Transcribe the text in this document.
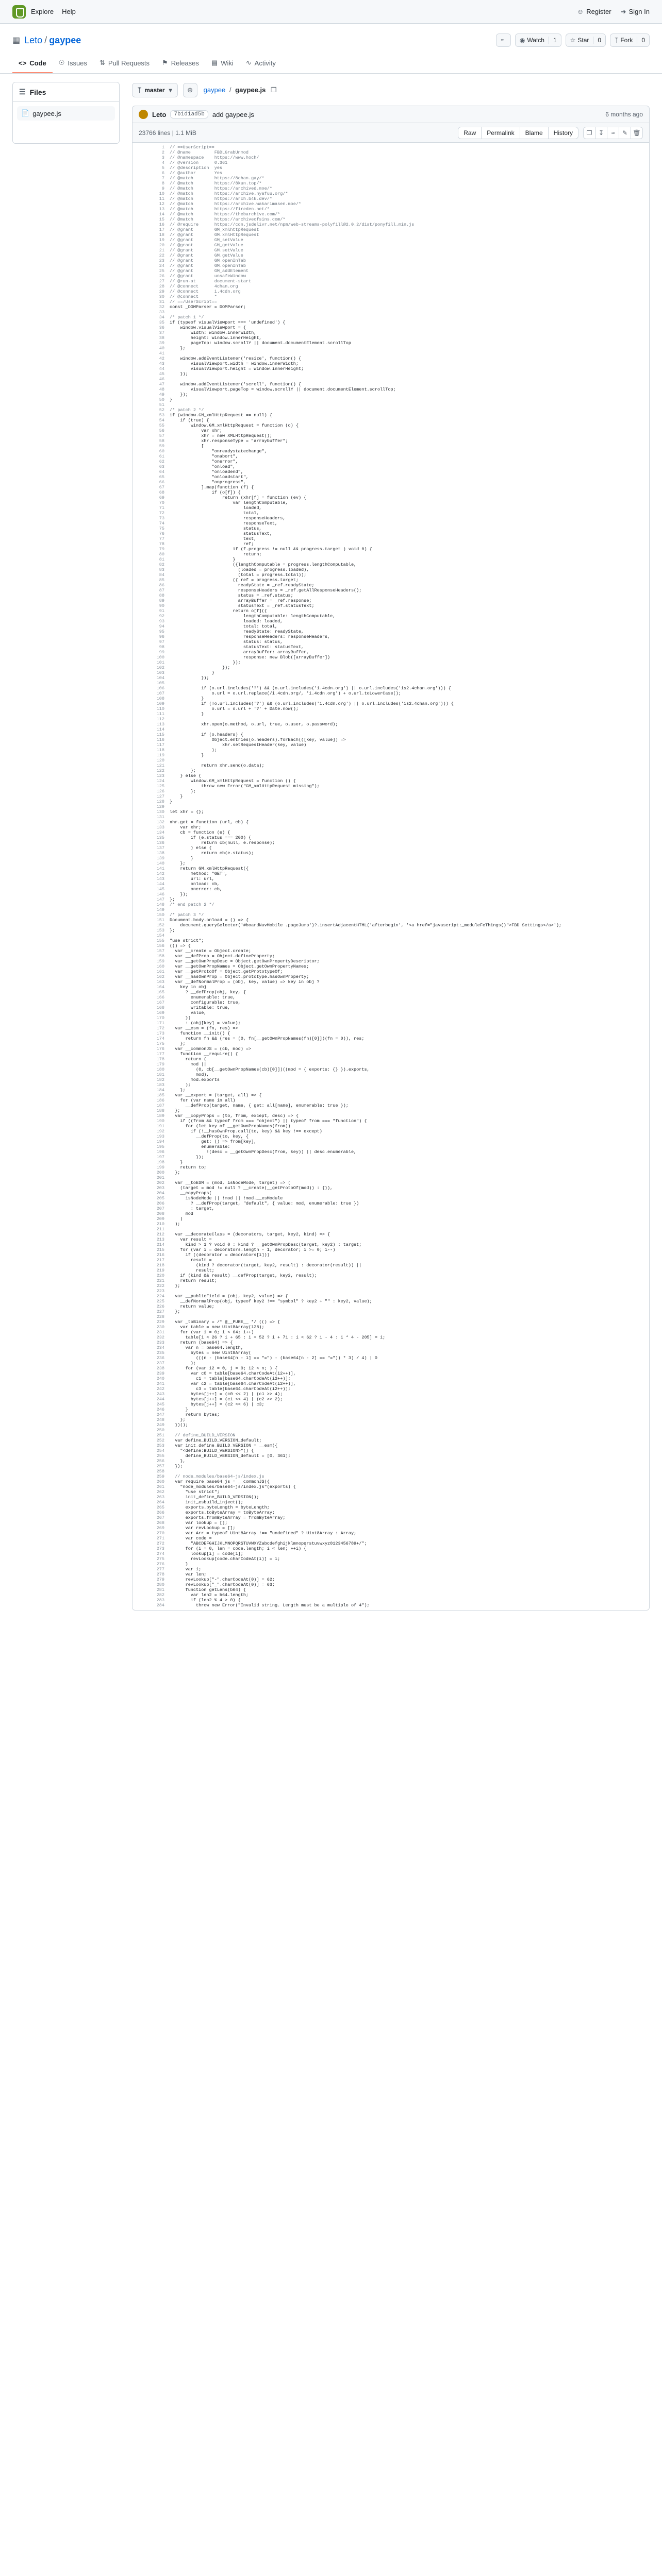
Explore Help	☺ Register ➜ Sign In
▦ Leto / gaypee	≈	◉ Watch	1 ☆ Star	0 ᛉ Fork	0
<> Code ☉ Issues ⇅ Pull Requests ⚑ Releases ▤ Wiki ∿ Activity
☰ Files
📄 gaypee.js
ᛉ master ▾ ⊕ gaypee / gaypee.js ❐
Leto	7b1d1ad5b	add gaypee.js	6 months ago
23766 lines | 1.1 MiB	Raw	Permalink	Blame	History	❐	↧	≈	✎ 🗑
1	// ==UserScript==
2	// @name         FBDLGrabUnmod
3	// @namespace    https://www.hoch/
4	// @version      0.361
5	// @description  yes
6	// @author       Yes
7	// @match        https://8chan.gay/*
8	// @match        https://8kun.top/*
9	// @match        https://archived.moe/*
10	// @match        https://archive.nyafuu.org/*
11	// @match        https://arch.b4k.dev/*
12	// @match        https://archive.wakarimasen.moe/*
13	// @match        https://fireden.net/*
14	// @match        https://thebarchive.com/*
15	// @match        https://archiveofsins.com/*
16	// @require      https://cdn.jsdelivr.net/npm/web-streams-polyfill@2.0.2/dist/ponyfill.min.js
17	// @grant        GM_xmlhttpRequest
18	// @grant        GM.xmlHttpRequest
19	// @grant        GM_setValue
20	// @grant        GM_getValue
21	// @grant        GM.setValue
22	// @grant        GM.getValue
23	// @grant        GM_openInTab
24	// @grant        GM.openInTab
25	// @grant        GM_addElement
26	// @grant        unsafeWindow
27	// @run-at       document-start
28	// @connect      4chan.org
29	// @connect      i.4cdn.org
30	// @connect      *
31	// ==/UserScript==
32	const _DOMParser = DOMParser;
33
34	/* patch 1 */
35	if (typeof visualViewport === 'undefined') {
36	window.visualViewport = {
37	width: window.innerWidth,
38	height: window.innerHeight,
39	pageTop: window.scrollY || document.documentElement.scrollTop
40	};
41
42	window.addEventListener('resize', function() {
43	visualViewport.width = window.innerWidth;
44	visualViewport.height = window.innerHeight;
45	});
46
47	window.addEventListener('scroll', function() {
48	visualViewport.pageTop = window.scrollY || document.documentElement.scrollTop;
49	});
50	}
51
52	/* patch 2 */
53	if (window.GM_xmlHttpRequest == null) {
54	if (true) {
55	window.GM_xmlHttpRequest = function (o) {
56	var xhr;
57	xhr = new XMLHttpRequest();
58	xhr.responseType = "arraybuffer";
59	[
60	"onreadystatechange",
61	"onabort",
62	"onerror",
63	"onload",
64	"onloadend",
65	"onloadstart",
66	"onprogress",
67	].map(function (f) {
68	if (o[f]) {
69	return (xhr[f] = function (ev) {
70	var lengthComputable,
71	loaded,
72	total,
73	responseHeaders,
74	responseText,
75	status,
76	statusText,
77	text,
78	ref;
79	if (f.progress != null && progress.target ) void 0) {
80	return;
81	}
82	({lengthComputable = progress.lengthComputable,
83	(loaded = progress.loaded),
84	(total = progress.total));
85	({ ref = progress.target;
86	readyState = _ref.readyState;
87	responseHeaders = _ref.getAllResponseHeaders();
88	status = _ref.status;
89	arrayBuffer = _ref.response;
90	statusText = _ref.statusText;
91	return o[f]({
92	lengthComputable: lengthComputable,
93	loaded: loaded,
94	total: total,
95	readyState: readyState,
96	responseHeaders: responseHeaders,
97	status: status,
98	statusText: statusText,
99	arrayBuffer: arrayBuffer,
100	response: new Blob([arrayBuffer])
101	});
102	});
103	}
104	});
105
106	if (o.url.includes('?') && (o.url.includes('i.4cdn.org') || o.url.includes('is2.4chan.org'))) {
107	o.url = o.url.replace(/i.4cdn.org/, 'i.4cdn.org') + o.url.toLowerCase();
108	}
109	if (!o.url.includes('?') && (o.url.includes('i.4cdn.org') || o.url.includes('is2.4chan.org'))) {
110	o.url = o.url + '?' + Date.now();
111	}
112
113	xhr.open(o.method, o.url, true, o.user, o.password);
114
115	if (o.headers) {
116	Object.entries(o.headers).forEach(([key, value]) =>
117	xhr.setRequestHeader(key, value)
118	);
119	}
120
121	return xhr.send(o.data);
122	};
123	} else {
124	window.GM_xmlHttpRequest = function () {
125	throw new Error("GM_xmlHttpRequest missing");
126	};
127	}
128	}
129
130	let xhr = {};
131
132	xhr.get = function (url, cb) {
133	var xhr;
134	cb = function (e) {
135	if (e.status === 200) {
136	return cb(null, e.response);
137	} else {
138	return cb(e.status);
139	}
140	};
141	return GM_xmlHttpRequest({
142	method: "GET",
143	url: url,
144	onload: cb,
145	onerror: cb,
146	});
147	};
148	/* end patch 2 */
149
150	/* patch 3 */
151	Document.body.onload = () => {
152	document.querySelector('#boardNavMobile .pageJump')?.insertAdjacentHTML('afterbegin', '<a href="javascript:_moduleFeThings()">FBD Settings</a>');
153	};
154
155	"use strict";
156	(() => {
157	var __create = Object.create;
158	var __defProp = Object.defineProperty;
159	var __getOwnPropDesc = Object.getOwnPropertyDescriptor;
160	var __getOwnPropNames = Object.getOwnPropertyNames;
161	var __getProtoOf = Object.getPrototypeOf;
162	var __hasOwnProp = Object.prototype.hasOwnProperty;
163	var __defNormalProp = (obj, key, value) => key in obj ?
164	key in obj
165	? __defProp(obj, key, {
166	enumerable: true,
167	configurable: true,
168	writable: true,
169	value,
170	})
171	: (obj[key] = value);
172	var __esm = (fn, res) =>
173	function __init() {
174	return fn && (res = (0, fn[__getOwnPropNames(fn)[0]])(fn = 0)), res;
175	};
176	var __commonJS = (cb, mod) =>
177	function __require() {
178	return (
179	mod ||
180	(0, cb[__getOwnPropNames(cb)[0]])((mod = { exports: {} }).exports,
181	mod),
182	mod.exports
183	);
184	};
185	var __export = (target, all) => {
186	for (var name in all)
187	__defProp(target, name, { get: all[name], enumerable: true });
188	};
189	var __copyProps = (to, from, except, desc) => {
190	if ((from && typeof from === "object") || typeof from === "function") {
191	for (let key of __getOwnPropNames(from))
192	if (!__hasOwnProp.call(to, key) && key !== except)
193	__defProp(to, key, {
194	get: () => from[key],
195	enumerable:
196	!(desc = __getOwnPropDesc(from, key)) || desc.enumerable,
197	});
198	}
199	return to;
200	};
201
202	var __toESM = (mod, isNodeMode, target) => (
203	(target = mod != null ? __create(__getProtoOf(mod)) : {}),
204	__copyProps(
205	isNodeMode || !mod || !mod.__esModule
206	? __defProp(target, "default", { value: mod, enumerable: true })
207	: target,
208	mod
209	)
210	);
211
212	var __decorateClass = (decorators, target, key2, kind) => {
213	var result =
214	kind > 1 ? void 0 : kind ? __getOwnPropDesc(target, key2) : target;
215	for (var i = decorators.length - 1, decorator; i >= 0; i--)
216	if ((decorator = decorators[i]))
217	result =
218	(kind ? decorator(target, key2, result) : decorator(result)) ||
219	result;
220	if (kind && result) __defProp(target, key2, result);
221	return result;
222	};
223
224	var __publicField = (obj, key2, value) => {
225	__defNormalProp(obj, typeof key2 !== "symbol" ? key2 + "" : key2, value);
226	return value;
227	};
228
229	var _toBinary = /* @__PURE__ */ (() => {
230	var table = new Uint8Array(128);
231	for (var i = 0; i < 64; i++)
232	table[i < 26 ? i + 65 : i < 52 ? i + 71 : i < 62 ? i - 4 : i * 4 - 205] = i;
233	return (base64) => {
234	var n = base64.length,
235	bytes = new Uint8Array(
236	(((n - (base64[n - 1] == "=") - (base64[n - 2] == "=")) * 3) / 4) | 0
237	);
238	for (var i2 = 0, j = 0; i2 < n; ) {
239	var c0 = table[base64.charCodeAt(i2++)],
240	c1 = table[base64.charCodeAt(i2++)];
241	var c2 = table[base64.charCodeAt(i2++)],
242	c3 = table[base64.charCodeAt(i2++)];
243	bytes[j++] = (c0 << 2) | (c1 >> 4);
244	bytes[j++] = (c1 << 4) | (c2 >> 2);
245	bytes[j++] = (c2 << 6) | c3;
246	}
247	return bytes;
248	};
249	})();
250
251	// define_BUILD_VERSION
252	var define_BUILD_VERSION_default;
253	var init_define_BUILD_VERSION = __esm({
254	"<define:BUILD_VERSION>"() {
255	define_BUILD_VERSION_default = [0, 361];
256	},
257	});
258
259	// node_modules/base64-js/index.js
260	var require_base64_js = __commonJS({
261	"node_modules/base64-js/index.js"(exports) {
262	"use strict";
263	init_define_BUILD_VERSION();
264	init_esbuild_inject();
265	exports.byteLength = byteLength;
266	exports.toByteArray = toByteArray;
267	exports.fromByteArray = fromByteArray;
268	var lookup = [];
269	var revLookup = [];
270	var Arr = typeof Uint8Array !== "undefined" ? Uint8Array : Array;
271	var code =
272	"ABCDEFGHIJKLMNOPQRSTUVWXYZabcdefghijklmnopqrstuvwxyz0123456789+/";
273	for (i = 0, len = code.length; i < len; ++i) {
274	lookup[i] = code[i];
275	revLookup[code.charCodeAt(i)] = i;
276	}
277	var i;
278	var len;
279	revLookup["-".charCodeAt(0)] = 62;
280	revLookup["_".charCodeAt(0)] = 63;
281	function getLens(b64) {
282	var len2 = b64.length;
283	if (len2 % 4 > 0) {
284	throw new Error("Invalid string. Length must be a multiple of 4");
